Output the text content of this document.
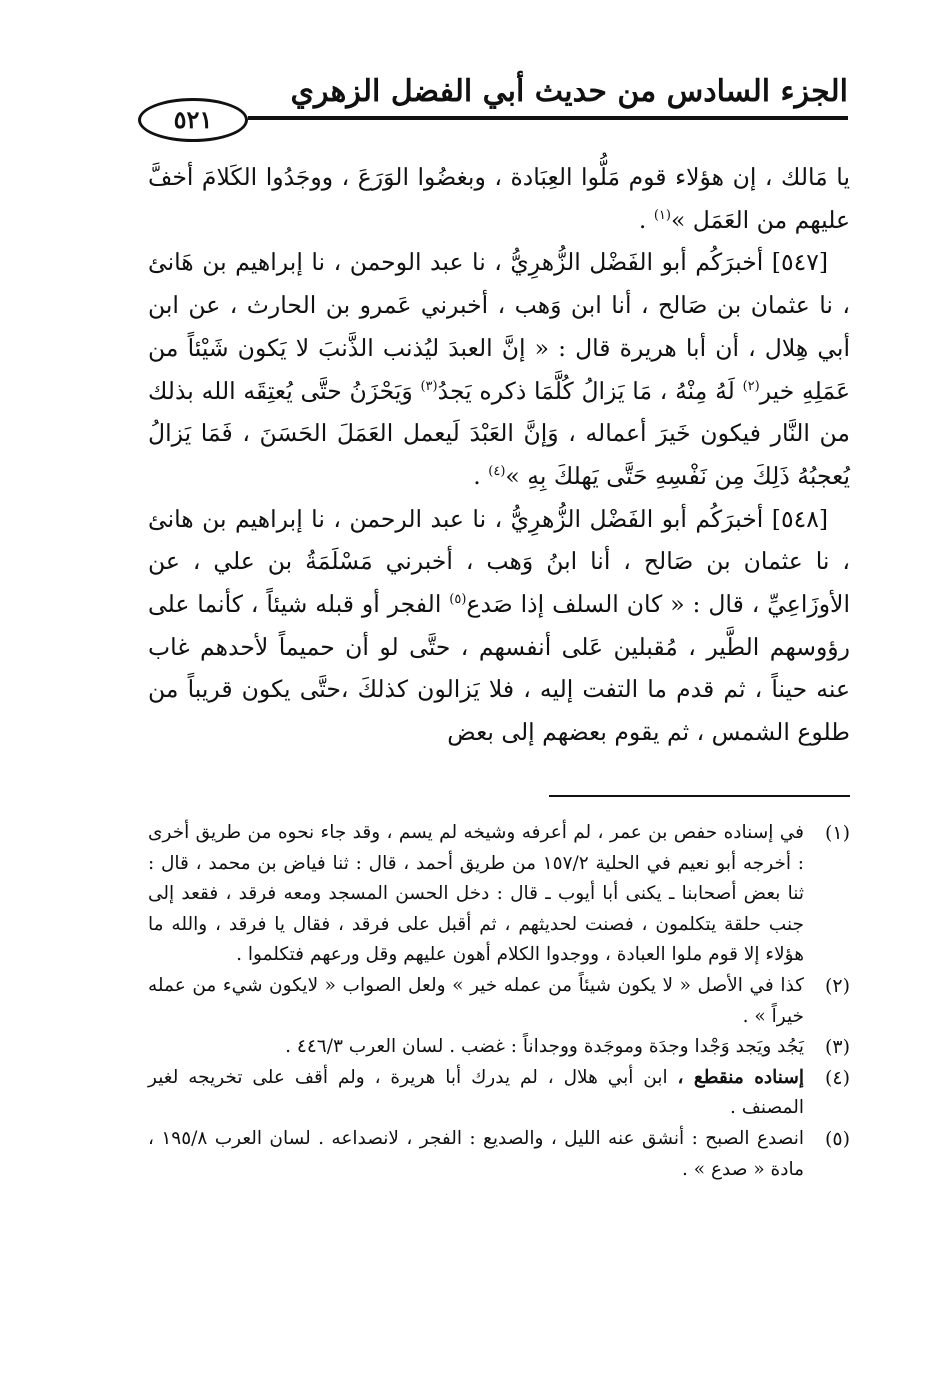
الجزء السادس من حديث أبي الفضل الزهري
٥٢١

يا مَالك ، إن هؤلاء قوم مَلُّوا العِبَادة ، وبغضُوا الوَرَعَ ، ووجَدُوا الكَلامَ أخفَّ عليهم من العَمَل »$^{(١)}$ .

[٥٤٧] أخبرَكُم أبو الفَضْل الزُّهرِيُّ ، نا عبد الوحمن ، نا إبراهيم بن هَانئ ، نا عثمان بن صَالح ، أنا ابن وَهب ، أخبرني عَمرو بن الحارث ، عن ابن أبي هِلال ، أن أبا هريرة قال : « إنَّ العبدَ ليُذنب الذَّنبَ لا يَكون شَيْئاً من عَمَلِهِ خير$^{(٢)}$ لَهُ مِنْهُ ، مَا يَزالُ كُلَّمَا ذكره يَجدُ$^{(٣)}$ وَيَحْزَنُ حتَّى يُعتِقَه الله بذلك من النَّار فيكون خَيرَ أعماله ، وَإنَّ العَبْدَ لَيعمل العَمَلَ الحَسَنَ ، فَمَا يَزالُ يُعجبُهُ ذَلِكَ مِن نَفْسِهِ حَتَّى يَهلكَ بِهِ »$^{(٤)}$ .

[٥٤٨] أخبرَكُم أبو الفَضْل الزُّهرِيُّ ، نا عبد الرحمن ، نا إبراهيم بن هانئ ، نا عثمان بن صَالح ، أنا ابنُ وَهب ، أخبرني مَسْلَمَةُ بن علي ، عن الأوزَاعِيِّ ، قال : « كان السلف إذا صَدع$^{(٥)}$ الفجر أو قبله شيئاً ، كأنما على رؤوسهم الطَّير ، مُقبلين عَلى أنفسهم ، حتَّى لو أن حميماً لأحدهم غاب عنه حيناً ، ثم قدم ما التفت إليه ، فلا يَزالون كذلكَ ،حتَّى يكون قريباً من طلوع الشمس ، ثم يقوم بعضهم إلى بعض

(١)
في إسناده حفص بن عمر ، لم أعرفه وشيخه لم يسم ، وقد جاء نحوه من طريق أخرى : أخرجه أبو نعيم في الحلية ١٥٧/٢ من طريق أحمد ، قال : ثنا فياض بن محمد ، قال : ثنا بعض أصحابنا ـ يكنى أبا أيوب ـ قال : دخل الحسن المسجد ومعه فرقد ، فقعد إلى جنب حلقة يتكلمون ، فصنت لحديثهم ، ثم أقبل على فرقد ، فقال يا فرقد ، والله ما هؤلاء إلا قوم ملوا العبادة ، ووجدوا الكلام أهون عليهم وقل ورعهم فتكلموا .
(٢)
كذا في الأصل « لا يكون شيئاً من عمله خير » ولعل الصواب « لايكون شيء من عمله خيراً » .
(٣)
يَجُد ويَجد وَجْدا وجدَة وموجَدة ووجداناً : غضب . لسان العرب ٤٤٦/٣ .
(٤)
إسناده منقطع ، ابن أبي هلال ، لم يدرك أبا هريرة ، ولم أقف على تخريجه لغير المصنف .
(٥)
انصدع الصبح : أنشق عنه الليل ، والصديع : الفجر ، لانصداعه . لسان العرب ١٩٥/٨ ، مادة « صدع » .
